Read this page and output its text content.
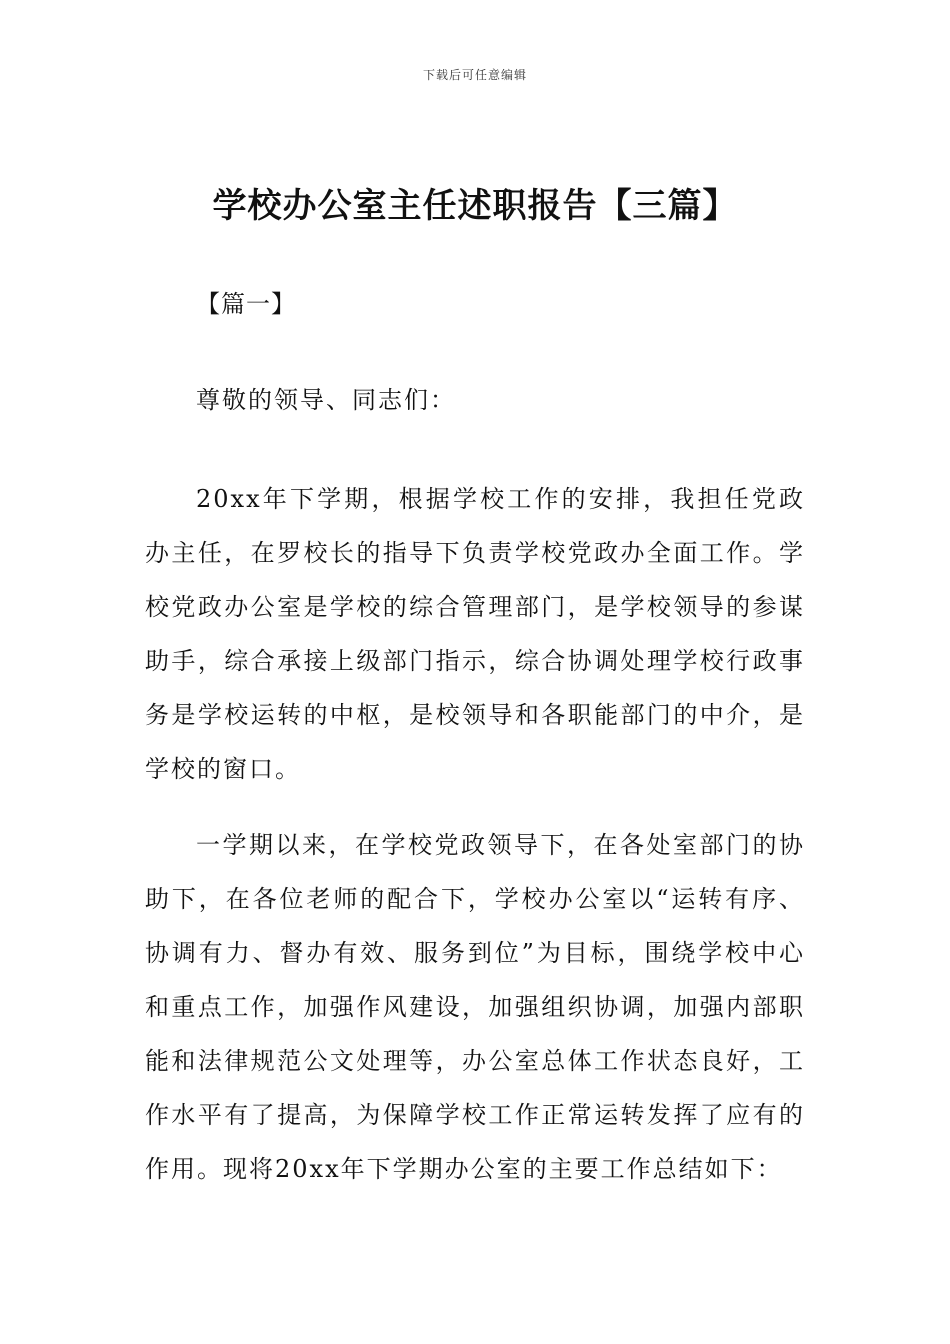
下载后可任意编辑
学校办公室主任述职报告【三篇】
【篇一】
尊敬的领导、同志们：

20xx年下学期，根据学校工作的安排，我担任党政办主任，在罗校长的指导下负责学校党政办全面工作。学校党政办公室是学校的综合管理部门，是学校领导的参谋助手，综合承接上级部门指示，综合协调处理学校行政事务是学校运转的中枢，是校领导和各职能部门的中介，是学校的窗口。

一学期以来，在学校党政领导下，在各处室部门的协助下，在各位老师的配合下，学校办公室以“运转有序、协调有力、督办有效、服务到位”为目标，围绕学校中心和重点工作，加强作风建设，加强组织协调，加强内部职能和法律规范公文处理等，办公室总体工作状态良好，工作水平有了提高，为保障学校工作正常运转发挥了应有的作用。现将20xx年下学期办公室的主要工作总结如下：
